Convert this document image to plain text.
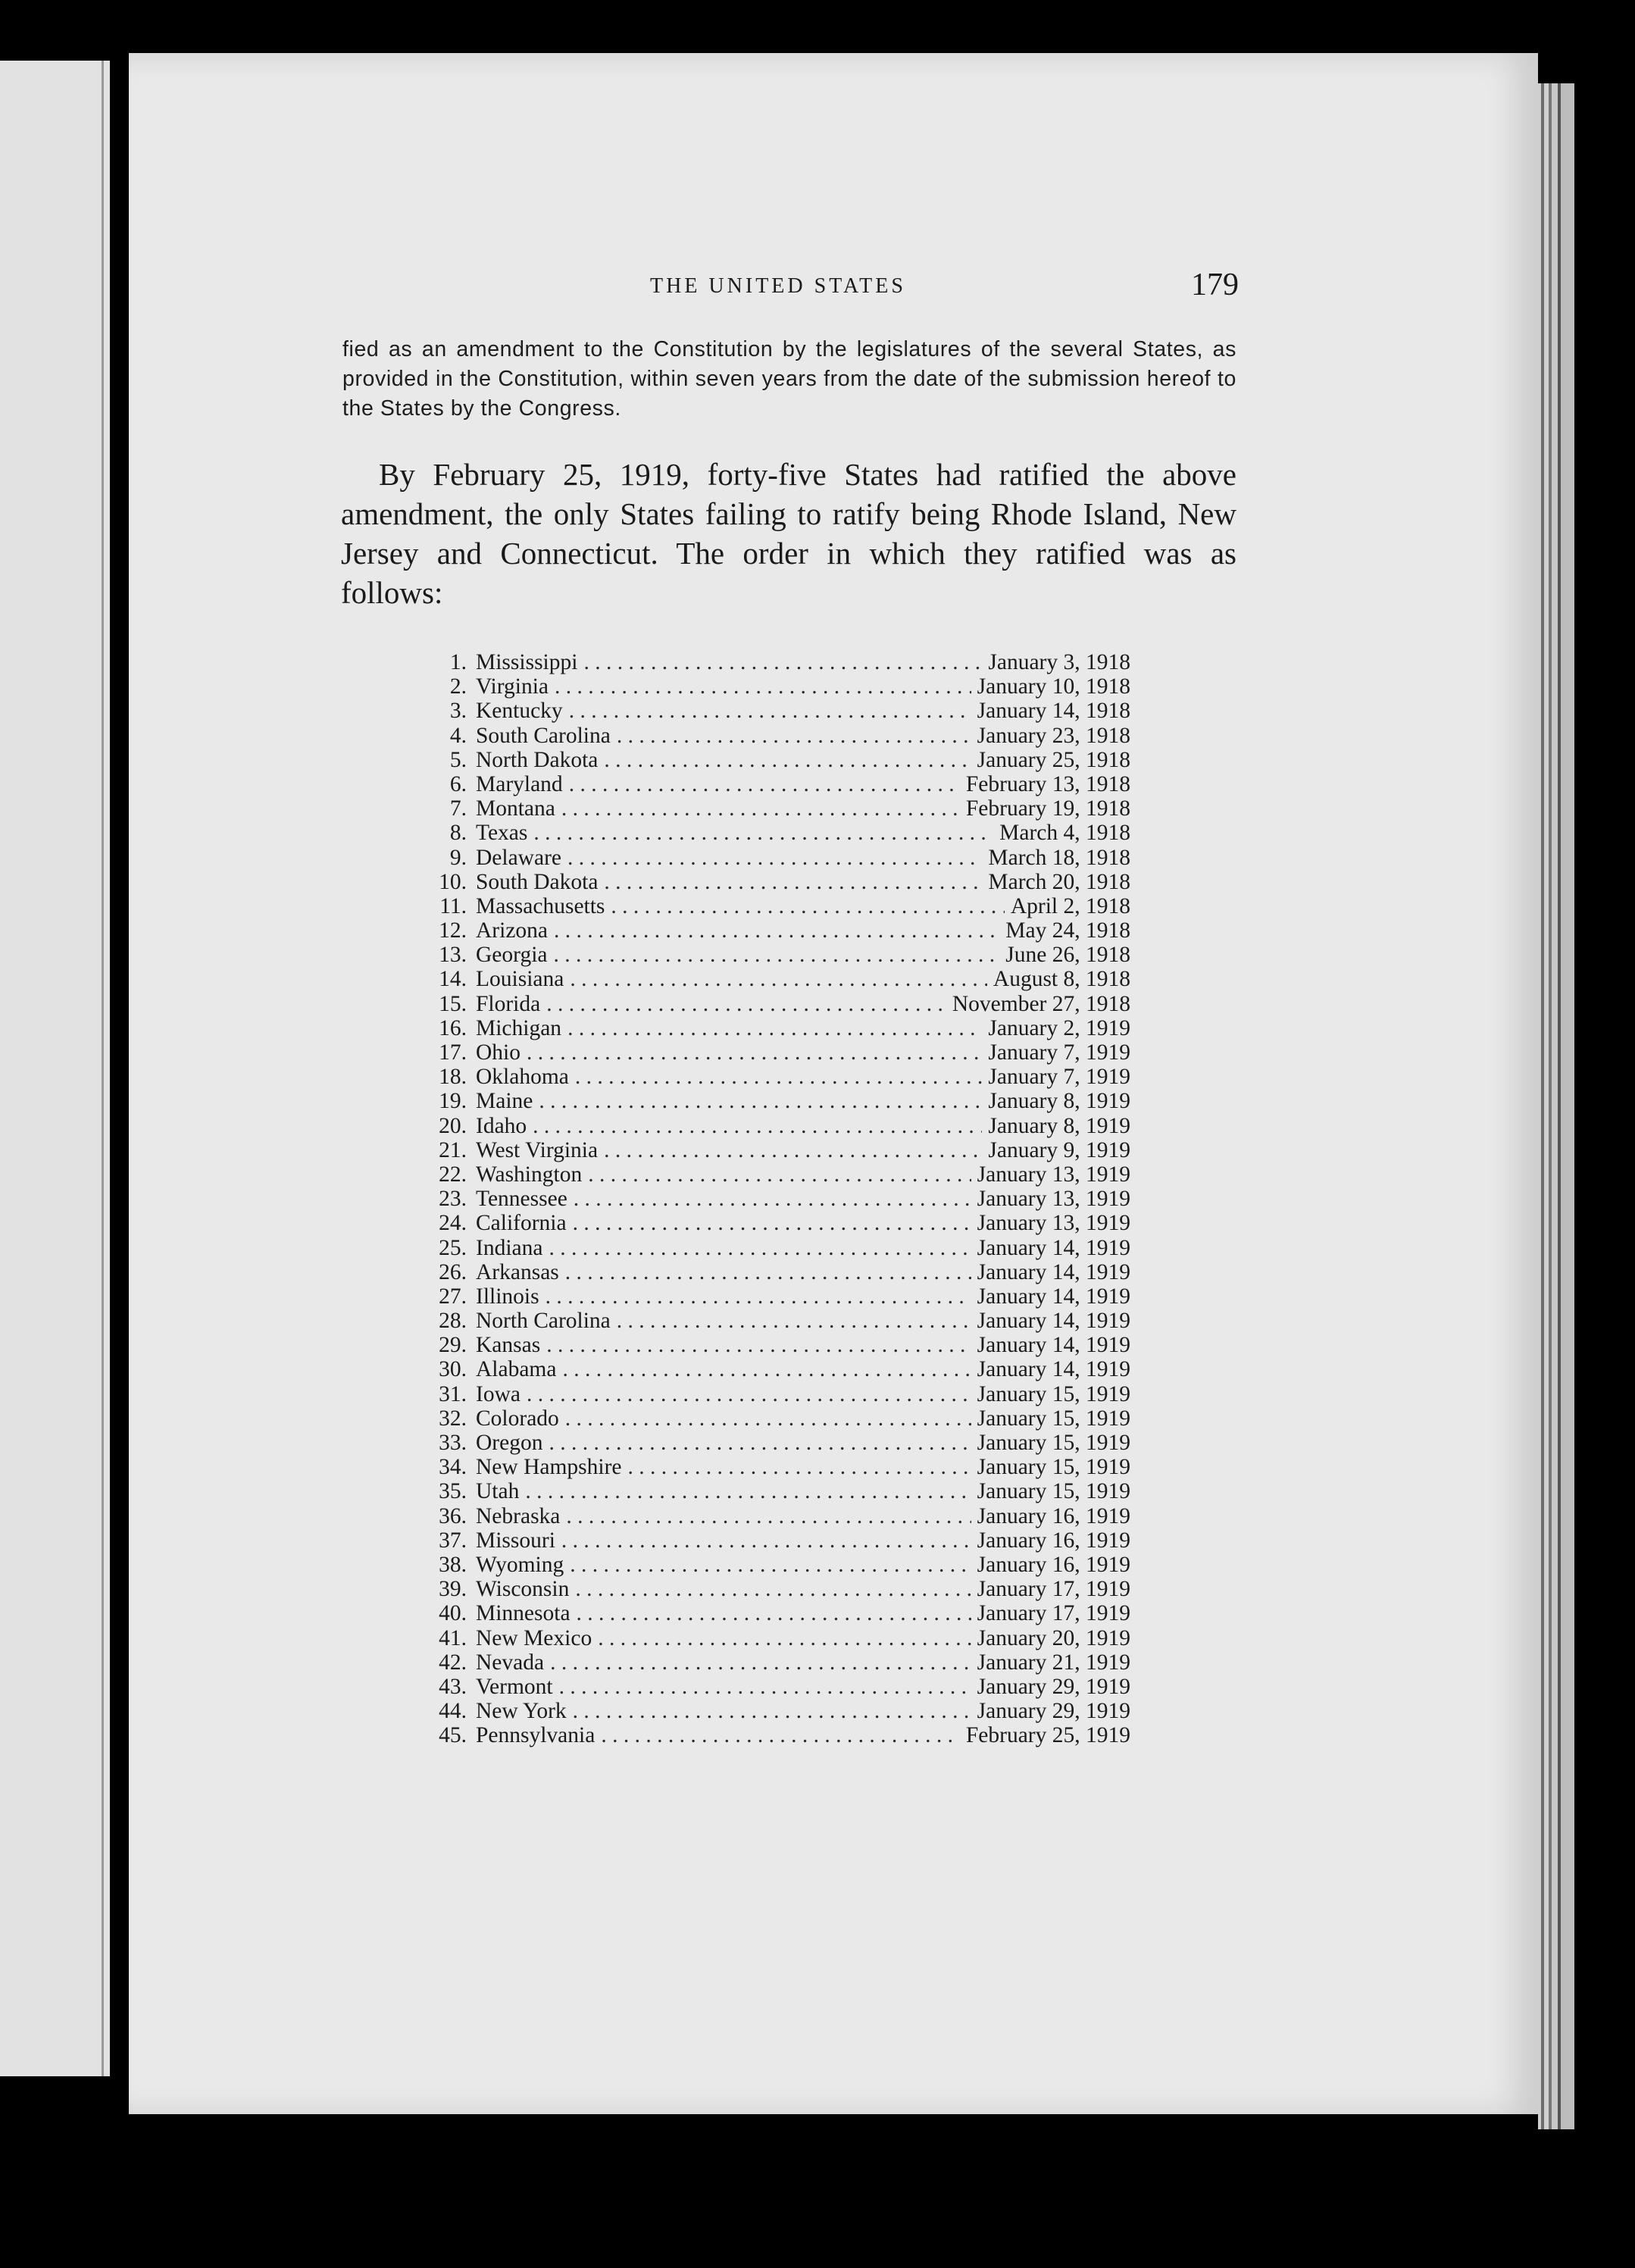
THE UNITED STATES	179

fied as an amendment to the Constitution by the legislatures of the several States, as provided in the Constitution, within seven years from the date of the submission hereof to the States by the Congress.

By February 25, 1919, forty-five States had ratified the above amendment, the only States failing to ratify being Rhode Island, New Jersey and Connecticut. The order in which they ratified was as follows:

1. Mississippi . . .	January 3, 1918
2. Virginia . . .	January 10, 1918
3. Kentucky . . .	January 14, 1918
4. South Carolina . . .	January 23, 1918
5. North Dakota . . .	January 25, 1918
6. Maryland . . .	February 13, 1918
7. Montana . . .	February 19, 1918
8. Texas . . .	March 4, 1918
9. Delaware . . .	March 18, 1918
10. South Dakota . . .	March 20, 1918
11. Massachusetts . . .	April 2, 1918
12. Arizona . . .	May 24, 1918
13. Georgia . . .	June 26, 1918
14. Louisiana . . .	August 8, 1918
15. Florida . . .	November 27, 1918
16. Michigan . . .	January 2, 1919
17. Ohio . . .	January 7, 1919
18. Oklahoma . . .	January 7, 1919
19. Maine . . .	January 8, 1919
20. Idaho . . .	January 8, 1919
21. West Virginia . . .	January 9, 1919
22. Washington . . .	January 13, 1919
23. Tennessee . . .	January 13, 1919
24. California . . .	January 13, 1919
25. Indiana . . .	January 14, 1919
26. Arkansas . . .	January 14, 1919
27. Illinois . . .	January 14, 1919
28. North Carolina . . .	January 14, 1919
29. Kansas . . .	January 14, 1919
30. Alabama . . .	January 14, 1919
31. Iowa . . .	January 15, 1919
32. Colorado . . .	January 15, 1919
33. Oregon . . .	January 15, 1919
34. New Hampshire . . .	January 15, 1919
35. Utah . . .	January 15, 1919
36. Nebraska . . .	January 16, 1919
37. Missouri . . .	January 16, 1919
38. Wyoming . . .	January 16, 1919
39. Wisconsin . . .	January 17, 1919
40. Minnesota . . .	January 17, 1919
41. New Mexico . . .	January 20, 1919
42. Nevada . . .	January 21, 1919
43. Vermont . . .	January 29, 1919
44. New York . . .	January 29, 1919
45. Pennsylvania . . .	February 25, 1919
